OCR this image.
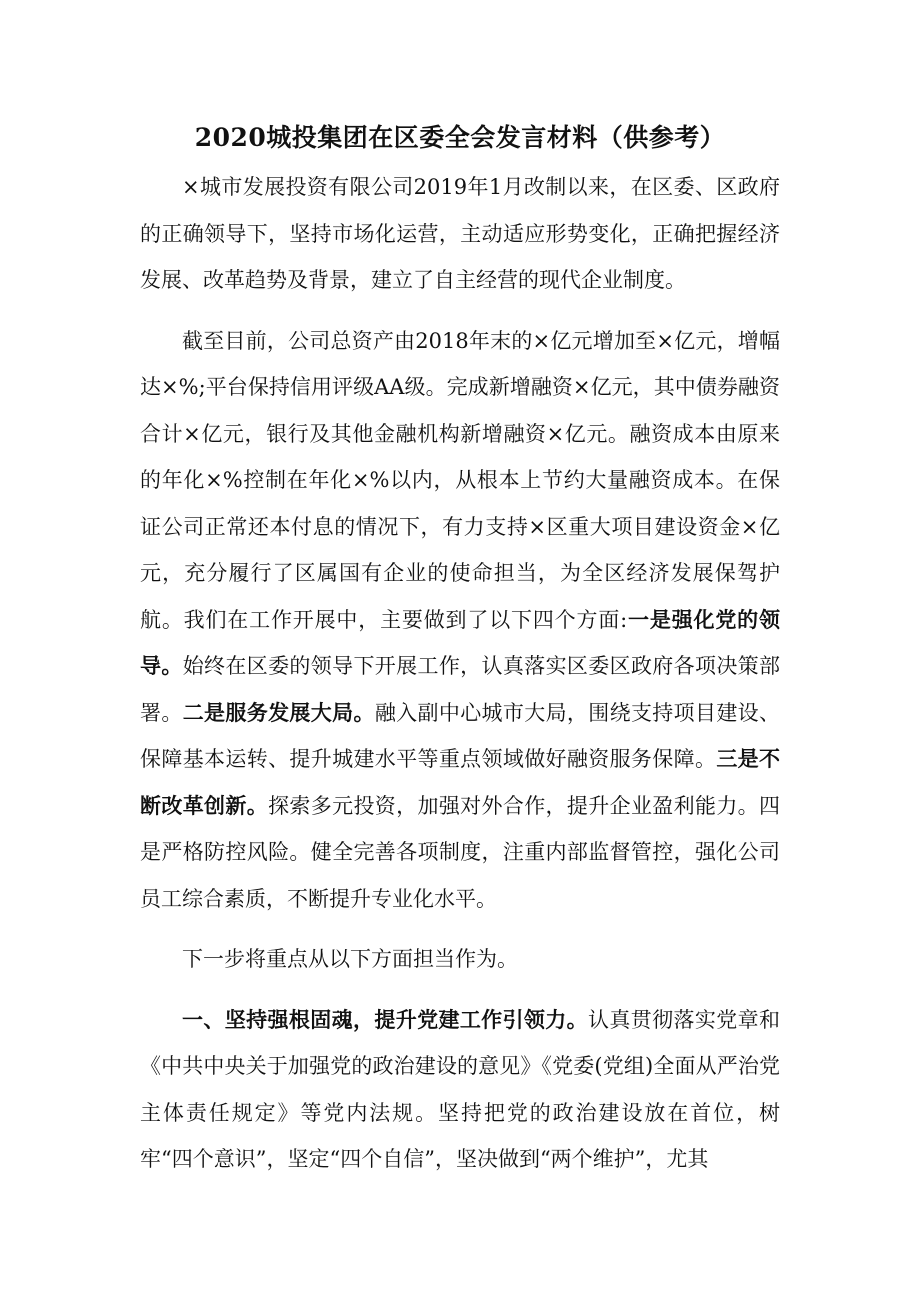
2020城投集团在区委全会发言材料（供参考）

×城市发展投资有限公司2019年1月改制以来，在区委、区政府的正确领导下，坚持市场化运营，主动适应形势变化，正确把握经济发展、改革趋势及背景，建立了自主经营的现代企业制度。

截至目前，公司总资产由2018年末的×亿元增加至×亿元，增幅达×%;平台保持信用评级AA级。完成新增融资×亿元，其中债券融资合计×亿元，银行及其他金融机构新增融资×亿元。融资成本由原来的年化×%控制在年化×%以内，从根本上节约大量融资成本。在保证公司正常还本付息的情况下，有力支持×区重大项目建设资金×亿元，充分履行了区属国有企业的使命担当，为全区经济发展保驾护航。我们在工作开展中，主要做到了以下四个方面:一是强化党的领导。始终在区委的领导下开展工作，认真落实区委区政府各项决策部署。二是服务发展大局。融入副中心城市大局，围绕支持项目建设、保障基本运转、提升城建水平等重点领域做好融资服务保障。三是不断改革创新。探索多元投资，加强对外合作，提升企业盈利能力。四是严格防控风险。健全完善各项制度，注重内部监督管控，强化公司员工综合素质，不断提升专业化水平。

下一步将重点从以下方面担当作为。

一、坚持强根固魂，提升党建工作引领力。认真贯彻落实党章和《中共中央关于加强党的政治建设的意见》《党委(党组)全面从严治党主体责任规定》等党内法规。坚持把党的政治建设放在首位，树牢“四个意识”，坚定“四个自信”，坚决做到“两个维护”，尤其
